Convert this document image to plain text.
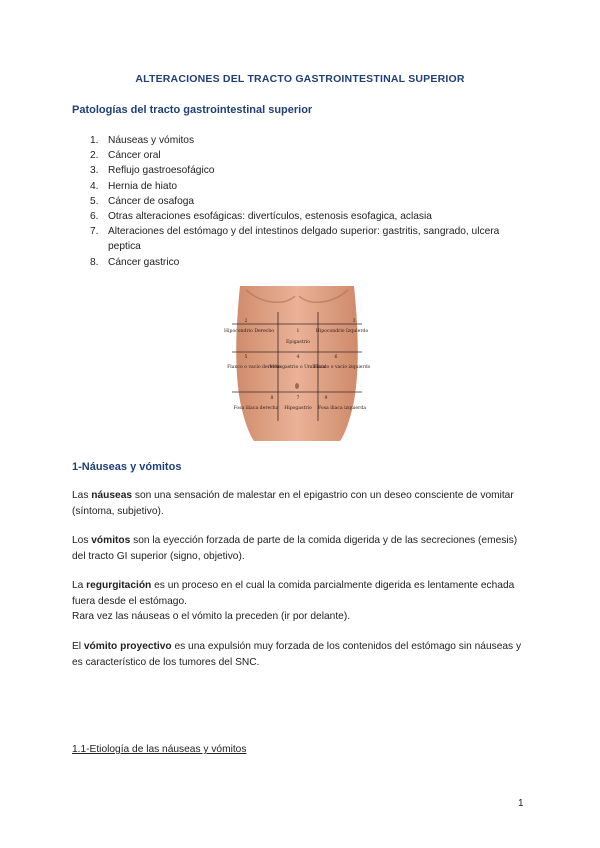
ALTERACIONES DEL TRACTO GASTROINTESTINAL SUPERIOR
Patologías del tracto gastrointestinal superior
1. Náuseas y vómitos
2. Cáncer oral
3. Reflujo gastroesofágico
4. Hernia de hiato
5. Cáncer de osafoga
6. Otras alteraciones esofágicas: divertículos, estenosis esofagica, aclasia
7. Alteraciones del estómago y del intestinos delgado superior: gastritis, sangrado, ulcera peptica
8. Cáncer gastrico
2
Hipocondrio Derecho	1
Epigastrio
3
Hipocondrio Izquierdo
5
Flanco o vacío derecho
4
Mesogastrio o Umbilical
6
Flanco o vacío izquierdo
8
Fosa iliaca derecha
7
Hipogastrio
9
Fosa iliaca izquierda
1-Náuseas y vómitos

Las náuseas son una sensación de malestar en el epigastrio con un deseo consciente de vomitar (síntoma, subjetivo).

Los vómitos son la eyección forzada de parte de la comida digerida y de las secreciones (emesis) del tracto GI superior (signo, objetivo).

La regurgitación es un proceso en el cual la comida parcialmente digerida es lentamente echada fuera desde el estómago.

Rara vez las náuseas o el vómito la preceden (ir por delante).

El vómito proyectivo es una expulsión muy forzada de los contenidos del estómago sin náuseas y es característico de los tumores del SNC.

1.1-Etiología de las náuseas y vómitos
1
